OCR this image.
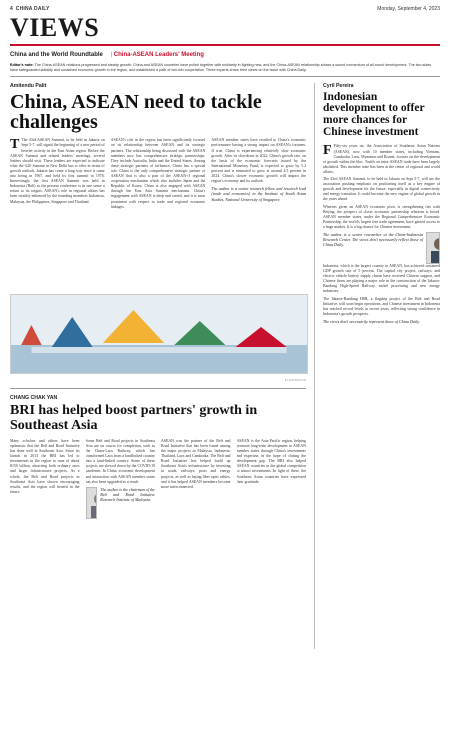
4 CHINA DAILY	Monday, September 4, 2023
VIEWS
China and the World Roundtable	| China-ASEAN Leaders' Meeting
Editor's note: The China-ASEAN relations progressed and steady growth. China and ASEAN countries have pulled together with solidarity in fighting new, and the China-ASEAN relationship shows a sound momentum of all-round development. The two sides have safeguarded stability and sustained economic growth in the region, and established a path of win-win cooperation. Three experts share their views on the issue with China Daily.
Amitendu Palit
China, ASEAN need to tackle challenges
T The 43rd ASEAN Summit, to be held in Jakarta on Sept 5-7, will signal the beginning of a new period of heavier activity in the East Asian region. Before the ASEAN Summit and related leaders' meetings, several leaders should visit. These leaders are expected to indicate what the G20 Summit in New Delhi has to offer in terms of growth outlook. Jakarta has come a long way since it came into being in 1967, and held its first summit in 1976. Interestingly, the first ASEAN Summit was held in Indonesia (Bali) so the present conference is in one sense a return to its origins. ASEAN's role in regional affairs has been steadily enhanced by the founding members Indonesia, Malaysia, the Philippines, Singapore and Thailand.

ASEAN's role in the region has been significantly focused on its relationship between ASEAN and its strategic partners. The relationship being discussed with the ASEAN members now has comprehensive strategic partnerships. They include Australia, India and the United States. Among these strategic partners of influence, China has a special role. China is the only comprehensive strategic partner of ASEAN that is also a part of the ASEAN+3 regional cooperation mechanism which also includes Japan and the Republic of Korea. China is also engaged with ASEAN through the East Asia Summit mechanism. China's engagement with ASEAN is deep and varied, and it is most prominent with respect to trade and regional economic linkages.

ASEAN member states have resulted to China's economic performance having a strong impact on ASEAN's fortunes. If true, China is experiencing relatively slow economic growth. After its slowdown in 2022, China's growth rate, on the basis of the economic forecasts issued by the International Monetary Fund, is expected to grow by 5.2 percent and is estimated to grow at around 4.5 percent in 2024. China's slower economic growth will impact the region's economy and its outlook.

The author is a senior research fellow and research lead (trade and economics) in the Institute of South Asian Studies, National University of Singapore.
ILLUSTRATION
CHANG CHAK YAN
BRI has helped boost partners' growth in Southeast Asia

Many scholars and others have been optimistic that the Belt and Road Initiative has done well in Southeast Asia. Since its launch in 2013 the BRI has led to investments in the region to tune of about $150 billion, attracting both ordinary ones and larger infrastructure projects. As a whole, the Belt and Road projects in Southeast Asia have shown encouraging results, and the region will benefit in the future.

Some Belt and Road projects in Southeast Asia are on course for completion, such as the China-Laos Railway, which has transformed Laos from a landlocked country into a land-linked country. Some of these projects are slowed down by the COVID-19 pandemic. In China, economic development and interaction with ASEAN member states has also been upgraded as a result.

The author is the chairman of the Belt and Road Initiative Research Institute of Malaysia.

ASEAN was the partner of the Belt and Road Initiative that has been found among the major projects in Malaysia, Indonesia, Thailand, Laos and Cambodia. The Belt and Road Initiative has helped build up Southeast Asia's infrastructure by investing in roads, railways, ports and energy projects, as well as laying fiber optic cables, and it has helped ASEAN members become more interconnected.

ASEAN is the Asia-Pacific region, helping promote long-term development in ASEAN member states through China's investments and expertise, in the hope of closing the development gap. The BRI also helped ASEAN countries in the global competition to attract investments. In light of these, the Southeast Asian countries have expressed their gratitude.

Cyril Pereira
Indonesian development to offer more chances for Chinese investment
F Fifty-six years on, the Association of Southeast Asian Nations (ASEAN), now with 10 member states, including Vietnam, Cambodia, Laos, Myanmar and Brunei, focuses on the development of growth within the bloc. Tariffs on intra-ASEAN trade have been largely abolished. This member state has been at the center of regional and world affairs.

The 43rd ASEAN Summit, to be held in Jakarta on Sept 5-7, will see the association pushing emphasis on positioning itself as a key engine of growth and development for the future, especially in digital connectivity and energy transition. It could become the new engine of global growth in the years ahead.

Whereas given an ASEAN economic pivot is strengthening ties with Beijing, the prospect of closer economic partnership relations is broad. ASEAN member states, under the Regional Comprehensive Economic Partnership, the world's largest free trade agreement, have gained access to a huge market. It is a big chance for Chinese investment.

The author is a senior researcher at the China-Indonesia Research Center. The views don't necessarily reflect those of China Daily.

Indonesia, which is the largest country in ASEAN, has achieved sustained GDP growth rate of 5 percent. The capital city project, railways, and electric vehicle battery supply chains have received Chinese support, and Chinese firms are playing a major role in the construction of the Jakarta-Bandung High-Speed Railway, nickel processing and new energy industries.

The Jakarta-Bandung HSR, a flagship project of the Belt and Road Initiative, will soon begin operations, and Chinese investment in Indonesia has reached record levels in recent years, reflecting strong confidence in Indonesia's growth prospects.

The views don't necessarily represent those of China Daily.
